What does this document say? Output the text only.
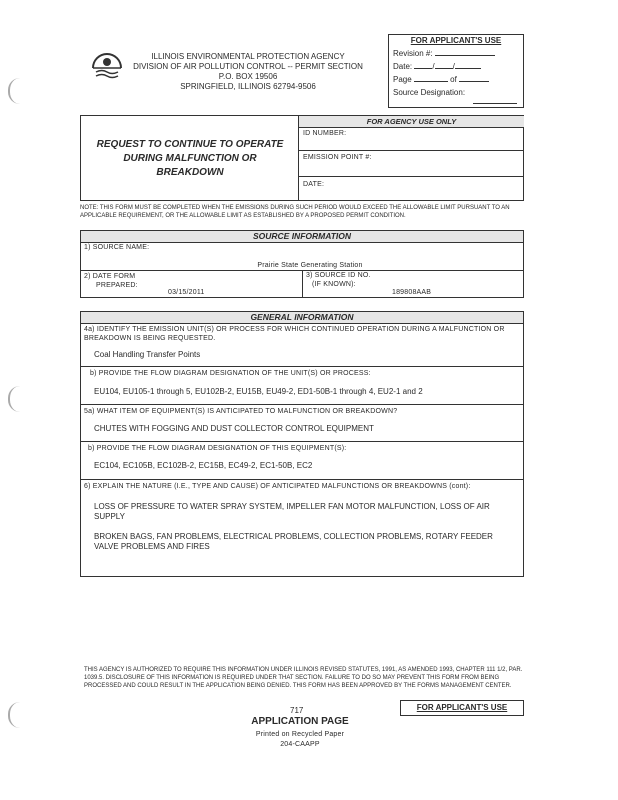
ILLINOIS ENVIRONMENTAL PROTECTION AGENCY
DIVISION OF AIR POLLUTION CONTROL -- PERMIT SECTION
P.O. BOX 19506
SPRINGFIELD, ILLINOIS 62794-9506
FOR APPLICANT'S USE
Revision #:
Date:	/ /
Page	of
Source Designation:
REQUEST TO CONTINUE TO OPERATE DURING MALFUNCTION OR BREAKDOWN
FOR AGENCY USE ONLY
ID NUMBER:
EMISSION POINT #:
DATE:
NOTE: THIS FORM MUST BE COMPLETED WHEN THE EMISSIONS DURING SUCH PERIOD WOULD EXCEED THE ALLOWABLE LIMIT PURSUANT TO AN APPLICABLE REQUIREMENT, OR THE ALLOWABLE LIMIT AS ESTABLISHED BY A PROPOSED PERMIT CONDITION.
SOURCE INFORMATION
1) SOURCE NAME:
Prairie State Generating Station
2) DATE FORM
PREPARED:
03/15/2011
3) SOURCE ID NO.
(IF KNOWN):
189808AAB
GENERAL INFORMATION
4a) IDENTIFY THE EMISSION UNIT(S) OR PROCESS FOR WHICH CONTINUED OPERATION DURING A MALFUNCTION OR BREAKDOWN IS BEING REQUESTED.
Coal Handling Transfer Points
b) PROVIDE THE FLOW DIAGRAM DESIGNATION OF THE UNIT(S) OR PROCESS:
EU104, EU105-1 through 5, EU102B-2, EU15B, EU49-2, ED1-50B-1 through 4, EU2-1 and 2
5a) WHAT ITEM OF EQUIPMENT(S) IS ANTICIPATED TO MALFUNCTION OR BREAKDOWN?
CHUTES WITH FOGGING AND DUST COLLECTOR CONTROL EQUIPMENT
b) PROVIDE THE FLOW DIAGRAM DESIGNATION OF THIS EQUIPMENT(S):
EC104, EC105B, EC102B-2, EC15B, EC49-2, EC1-50B, EC2
6) EXPLAIN THE NATURE (I.E., TYPE AND CAUSE) OF ANTICIPATED MALFUNCTIONS OR BREAKDOWNS (cont):
LOSS OF PRESSURE TO WATER SPRAY SYSTEM, IMPELLER FAN MOTOR MALFUNCTION, LOSS OF AIR SUPPLY
BROKEN BAGS, FAN PROBLEMS, ELECTRICAL PROBLEMS, COLLECTION PROBLEMS, ROTARY FEEDER VALVE PROBLEMS AND FIRES
THIS AGENCY IS AUTHORIZED TO REQUIRE THIS INFORMATION UNDER ILLINOIS REVISED STATUTES, 1991, AS AMENDED 1993, CHAPTER 111 1/2, PAR. 1039.5. DISCLOSURE OF THIS INFORMATION IS REQUIRED UNDER THAT SECTION. FAILURE TO DO SO MAY PREVENT THIS FORM FROM BEING PROCESSED AND COULD RESULT IN THE APPLICATION BEING DENIED. THIS FORM HAS BEEN APPROVED BY THE FORMS MANAGEMENT CENTER.
717
APPLICATION PAGE
Printed on Recycled Paper
204-CAAPP
FOR APPLICANT'S USE
